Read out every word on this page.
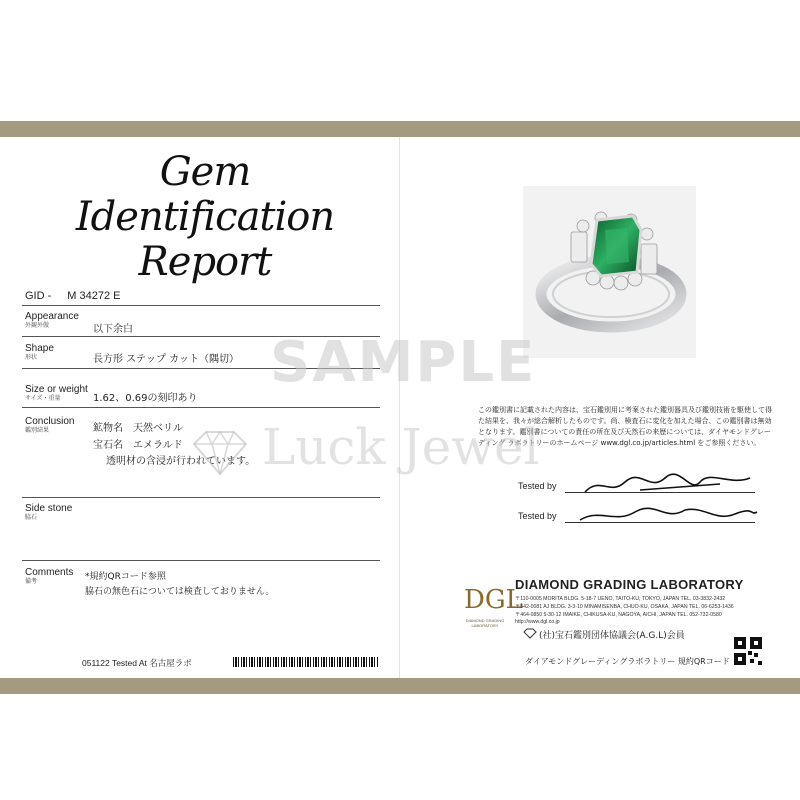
Gem
Identification
Report
GID - M 34272 E
Appearance
外観外傲	以下余白
Shape
形状	長方形 ステップ カット（隅切）
Size or weight
サイズ・重量	1.62、0.69の刻印あり
Conclusion
鑑別結果	鉱物名　天然ベリル
宝石名　エメラルド
透明材の含浸が行われています。
Side stone
脇石
Comments
備考	*規約QRコード参照
脇石の無色石については検査しておりません。
051122 Tested At 名古屋ラボ
この鑑別書に記載された内容は、宝石鑑別用に考案された鑑別器具及び鑑別技術を駆使して得た結果を、我々が総合解析したものです。尚、検査石に変化を加えた場合、この鑑別書は無効となります。鑑別書についての責任の所在及び天然石の来歴については、ダイヤモンドグレーディング ラボラトリーのホームページ www.dgl.co.jp/articles.html をご参照ください。
Tested by
Tested by
DGL
DIAMOND GRADING LABORATORY
DIAMOND GRADING LABORATORY
〒110-0005 MORITA BLDG. 5-18-7 UENO, TAITO-KU, TOKYO, JAPAN TEL. 03-3832-2432
〒542-0081 AJ BLDG. 3-3-10 MINAMISENBA, CHUO-KU, OSAKA, JAPAN TEL. 06-6253-1436
〒464-0850 5-30-12 IMAIKE, CHIKUSA-KU, NAGOYA, AICHI, JAPAN TEL. 052-732-0580
http://www.dgl.co.jp
(社)宝石鑑別団体協議会(A.G.L)会員
ダイアモンドグレーディングラボラトリー 規約QRコード
SAMPLE
Luck Jewel
